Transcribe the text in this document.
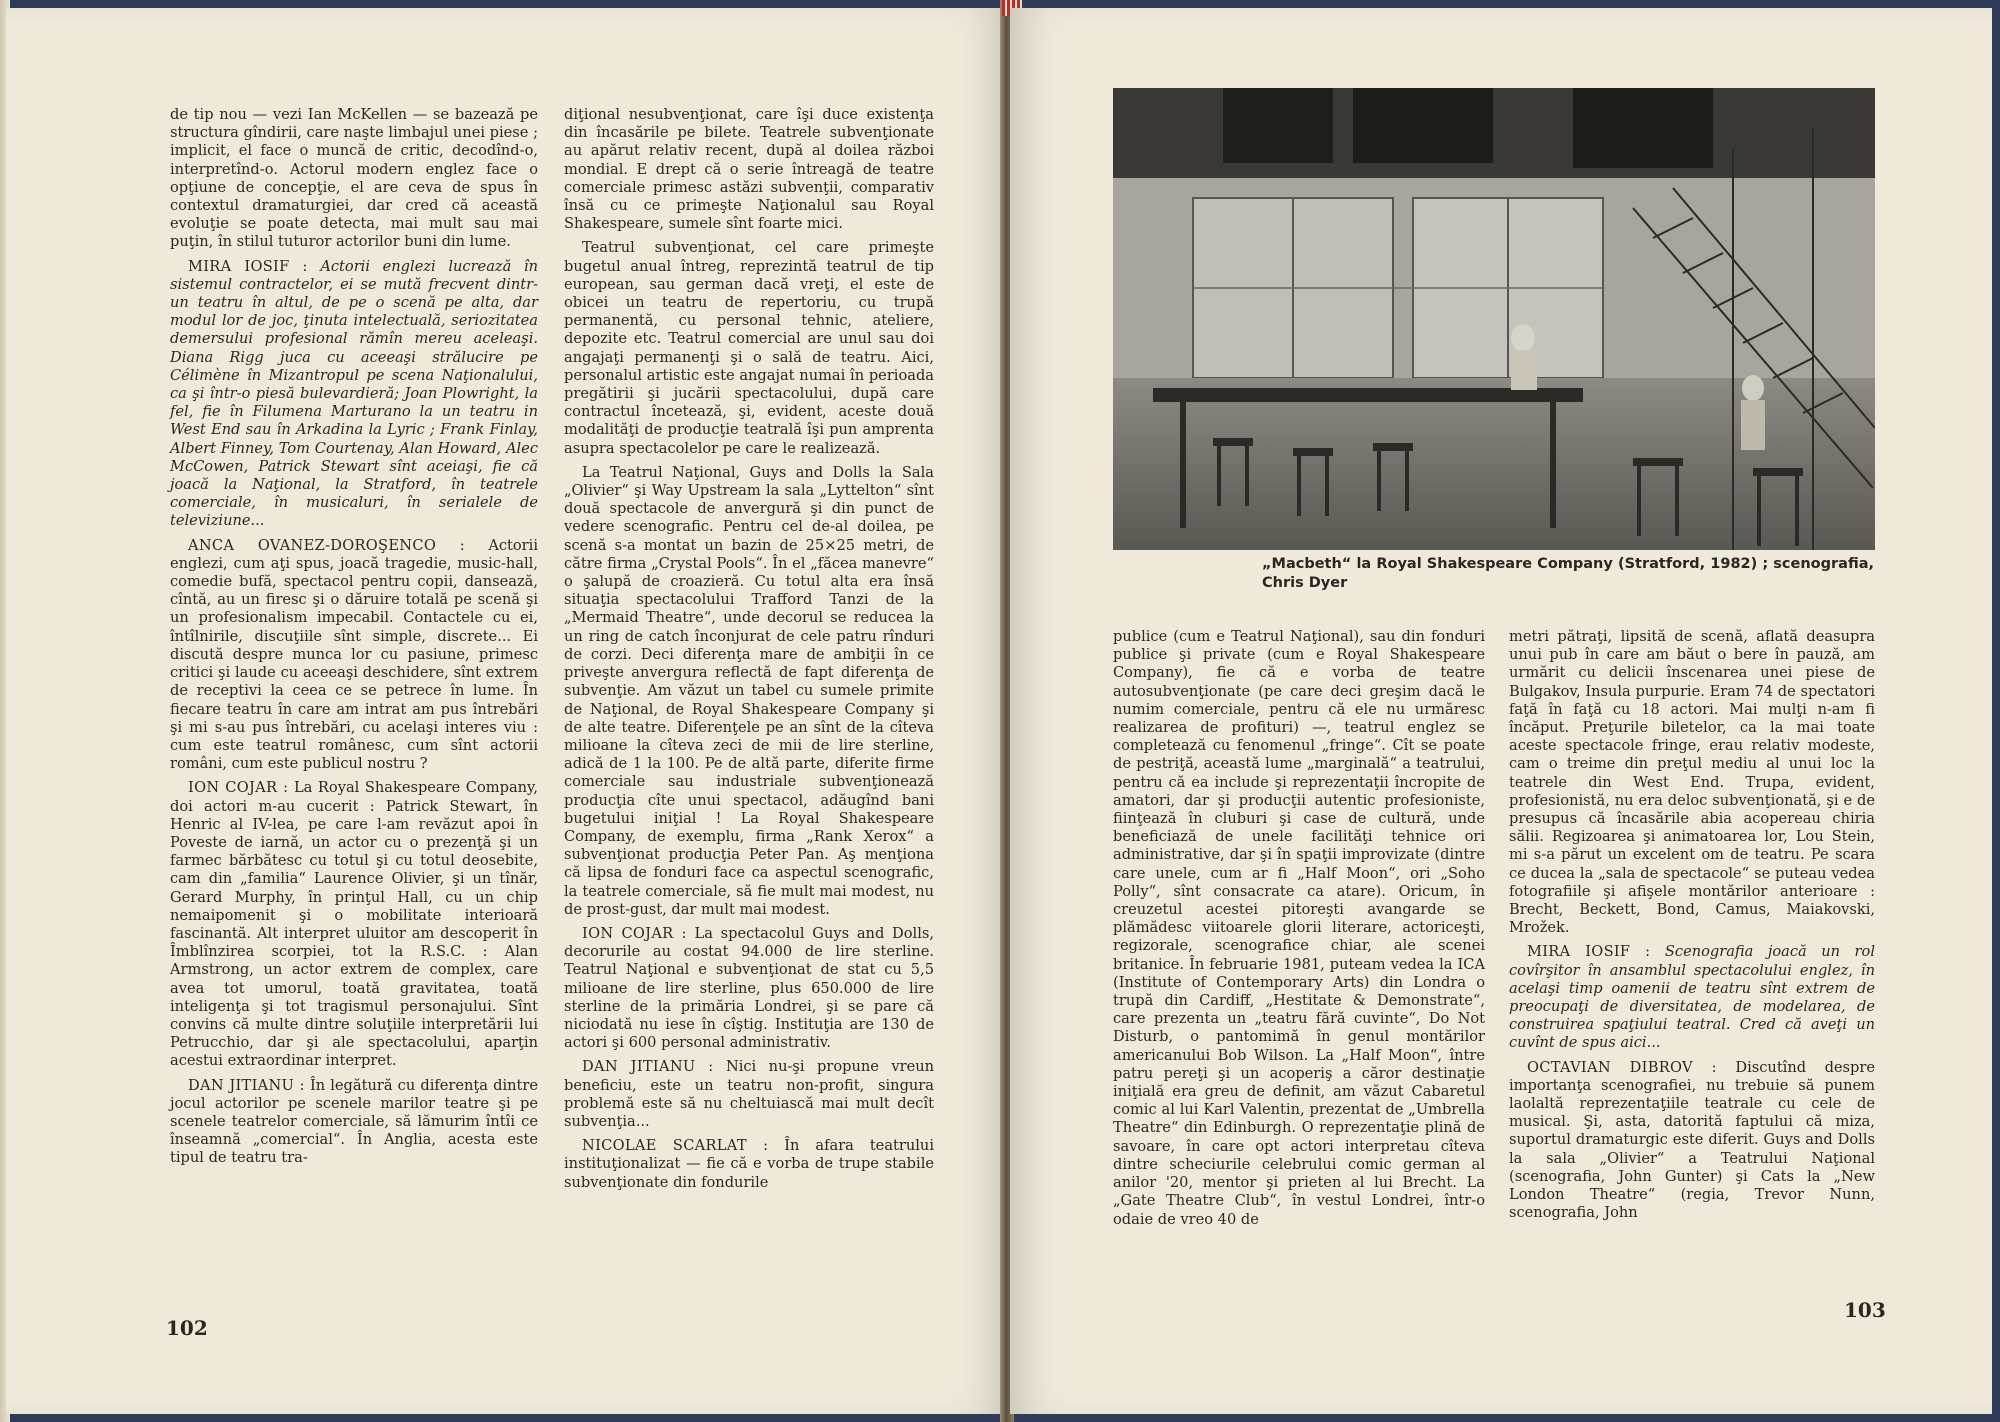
de tip nou — vezi Ian McKellen — se bazează pe structura gîndirii, care naşte limbajul unei piese ; implicit, el face o muncă de critic, decodînd-o, interpretînd-o. Actorul modern englez face o opţiune de concepţie, el are ceva de spus în contextul dramaturgiei, dar cred că această evoluţie se poate detecta, mai mult sau mai puţin, în stilul tuturor actorilor buni din lume.

MIRA IOSIF : Actorii englezi lucrează în sistemul contractelor, ei se mută frecvent dintr-un teatru în altul, de pe o scenă pe alta, dar modul lor de joc, ţinuta intelectuală, seriozitatea demersului profesional rămîn mereu aceleaşi. Diana Rigg juca cu aceeaşi strălucire pe Célimène în Mizantropul pe scena Naţionalului, ca şi într-o piesă bulevardieră; Joan Plowright, la fel, fie în Filumena Marturano la un teatru in West End sau în Arkadina la Lyric ; Frank Finlay, Albert Finney, Tom Courtenay, Alan Howard, Alec McCowen, Patrick Stewart sînt aceiaşi, fie că joacă la Naţional, la Stratford, în teatrele comerciale, în musicaluri, în serialele de televiziune...

ANCA OVANEZ-DOROŞENCO : Actorii englezi, cum aţi spus, joacă tragedie, music-hall, comedie bufă, spectacol pentru copii, dansează, cîntă, au un firesc şi o dăruire totală pe scenă şi un profesionalism impecabil. Contactele cu ei, întîlnirile, discuţiile sînt simple, discrete... Ei discută despre munca lor cu pasiune, primesc critici şi laude cu aceeaşi deschidere, sînt extrem de receptivi la ceea ce se petrece în lume. În fiecare teatru în care am intrat am pus întrebări şi mi s-au pus întrebări, cu acelaşi interes viu : cum este teatrul românesc, cum sînt actorii români, cum este publicul nostru ?

ION COJAR : La Royal Shakespeare Company, doi actori m-au cucerit : Patrick Stewart, în Henric al IV-lea, pe care l-am revăzut apoi în Poveste de iarnă, un actor cu o prezenţă şi un farmec bărbătesc cu totul şi cu totul deosebite, cam din „familia“ Laurence Olivier, şi un tînăr, Gerard Murphy, în prinţul Hall, cu un chip nemaipomenit şi o mobilitate interioară fascinantă. Alt interpret uluitor am descoperit în Îmblînzirea scorpiei, tot la R.S.C. : Alan Armstrong, un actor extrem de complex, care avea tot umorul, toată gravitatea, toată inteligenţa şi tot tragismul personajului. Sînt convins că multe dintre soluţiile interpretării lui Petrucchio, dar şi ale spectacolului, aparţin acestui extraordinar interpret.

DAN JITIANU : În legătură cu diferenţa dintre jocul actorilor pe scenele marilor teatre şi pe scenele teatrelor comerciale, să lămurim întîi ce înseamnă „comercial“. În Anglia, acesta este tipul de teatru tra-

diţional nesubvenţionat, care îşi duce existenţa din încasările pe bilete. Teatrele subvenţionate au apărut relativ recent, după al doilea război mondial. E drept că o serie întreagă de teatre comerciale primesc astăzi subvenţii, comparativ însă cu ce primeşte Naţionalul sau Royal Shakespeare, sumele sînt foarte mici.

Teatrul subvenţionat, cel care primeşte bugetul anual întreg, reprezintă teatrul de tip european, sau german dacă vreţi, el este de obicei un teatru de repertoriu, cu trupă permanentă, cu personal tehnic, ateliere, depozite etc. Teatrul comercial are unul sau doi angajaţi permanenţi şi o sală de teatru. Aici, personalul artistic este angajat numai în perioada pregătirii şi jucării spectacolului, după care contractul încetează, şi, evident, aceste două modalităţi de producţie teatrală îşi pun amprenta asupra spectacolelor pe care le realizează.

La Teatrul Naţional, Guys and Dolls la Sala „Olivier“ şi Way Upstream la sala „Lyttelton“ sînt două spectacole de anvergură şi din punct de vedere scenografic. Pentru cel de-al doilea, pe scenă s-a montat un bazin de 25×25 metri, de către firma „Crystal Pools“. În el „făcea manevre“ o şalupă de croazieră. Cu totul alta era însă situaţia spectacolului Trafford Tanzi de la „Mermaid Theatre“, unde decorul se reducea la un ring de catch înconjurat de cele patru rînduri de corzi. Deci diferenţa mare de ambiţii în ce priveşte anvergura reflectă de fapt diferenţa de subvenţie. Am văzut un tabel cu sumele primite de Naţional, de Royal Shakespeare Company şi de alte teatre. Diferenţele pe an sînt de la cîteva milioane la cîteva zeci de mii de lire sterline, adică de 1 la 100. Pe de altă parte, diferite firme comerciale sau industriale subvenţionează producţia cîte unui spectacol, adăugînd bani bugetului iniţial ! La Royal Shakespeare Company, de exemplu, firma „Rank Xerox“ a subvenţionat producţia Peter Pan. Aş menţiona că lipsa de fonduri face ca aspectul scenografic, la teatrele comerciale, să fie mult mai modest, nu de prost-gust, dar mult mai modest.

ION COJAR : La spectacolul Guys and Dolls, decorurile au costat 94.000 de lire sterline. Teatrul Naţional e subvenţionat de stat cu 5,5 milioane de lire sterline, plus 650.000 de lire sterline de la primăria Londrei, şi se pare că niciodată nu iese în cîştig. Instituţia are 130 de actori şi 600 personal administrativ.

DAN JITIANU : Nici nu-şi propune vreun beneficiu, este un teatru non-profit, singura problemă este să nu cheltuiască mai mult decît subvenţia...

NICOLAE SCARLAT : În afara teatrului instituţionalizat — fie că e vorba de trupe stabile subvenţionate din fondurile

102
„Macbeth“ la Royal Shakespeare Company (Stratford, 1982) ; scenografia, Chris Dyer

publice (cum e Teatrul Naţional), sau din fonduri publice şi private (cum e Royal Shakespeare Company), fie că e vorba de teatre autosubvenţionate (pe care deci greşim dacă le numim comerciale, pentru că ele nu urmăresc realizarea de profituri) —, teatrul englez se completează cu fenomenul „fringe“. Cît se poate de pestriţă, această lume „marginală“ a teatrului, pentru că ea include şi reprezentaţii încropite de amatori, dar şi producţii autentic profesioniste, fiinţează în cluburi şi case de cultură, unde beneficiază de unele facilităţi tehnice ori administrative, dar şi în spaţii improvizate (dintre care unele, cum ar fi „Half Moon“, ori „Soho Polly“, sînt consacrate ca atare). Oricum, în creuzetul acestei pitoreşti avangarde se plămădesc viitoarele glorii literare, actoriceşti, regizorale, scenografice chiar, ale scenei britanice. În februarie 1981, puteam vedea la ICA (Institute of Contemporary Arts) din Londra o trupă din Cardiff, „Hestitate & Demonstrate“, care prezenta un „teatru fără cuvinte“, Do Not Disturb, o pantomimă în genul montărilor americanului Bob Wilson. La „Half Moon“, între patru pereţi şi un acoperiş a căror destinaţie iniţială era greu de definit, am văzut Cabaretul comic al lui Karl Valentin, prezentat de „Umbrella Theatre“ din Edinburgh. O reprezentaţie plină de savoare, în care opt actori interpretau cîteva dintre scheciurile celebrului comic german al anilor '20, mentor şi prieten al lui Brecht. La „Gate Theatre Club“, în vestul Londrei, într-o odaie de vreo 40 de

metri pătraţi, lipsită de scenă, aflată deasupra unui pub în care am băut o bere în pauză, am urmărit cu delicii înscenarea unei piese de Bulgakov, Insula purpurie. Eram 74 de spectatori faţă în faţă cu 18 actori. Mai mulţi n-am fi încăput. Preţurile biletelor, ca la mai toate aceste spectacole fringe, erau relativ modeste, cam o treime din preţul mediu al unui loc la teatrele din West End. Trupa, evident, profesionistă, nu era deloc subvenţionată, şi e de presupus că încasările abia acopereau chiria sălii. Regizoarea şi animatoarea lor, Lou Stein, mi s-a părut un excelent om de teatru. Pe scara ce ducea la „sala de spectacole“ se puteau vedea fotografiile şi afişele montărilor anterioare : Brecht, Beckett, Bond, Camus, Maiakovski, Mrožek.

MIRA IOSIF : Scenografia joacă un rol covîrşitor în ansamblul spectacolului englez, în acelaşi timp oamenii de teatru sînt extrem de preocupaţi de diversitatea, de modelarea, de construirea spaţiului teatral. Cred că aveţi un cuvînt de spus aici...

OCTAVIAN DIBROV : Discutînd despre importanţa scenografiei, nu trebuie să punem laolaltă reprezentaţiile teatrale cu cele de musical. Şi, asta, datorită faptului că miza, suportul dramaturgic este diferit. Guys and Dolls la sala „Olivier“ a Teatrului Naţional (scenografia, John Gunter) şi Cats la „New London Theatre“ (regia, Trevor Nunn, scenografia, John

103
